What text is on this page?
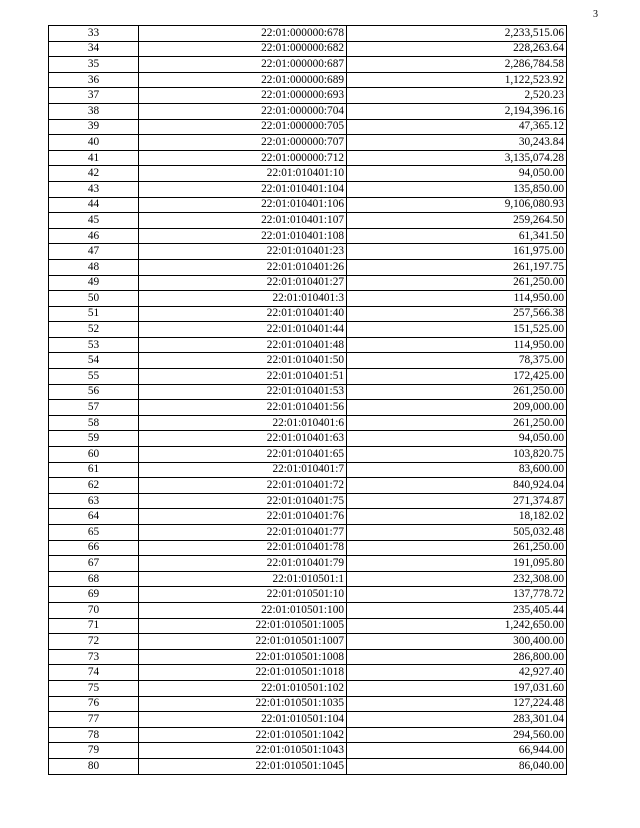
3
33	22:01:000000:678	2,233,515.06
34	22:01:000000:682	228,263.64
35	22:01:000000:687	2,286,784.58
36	22:01:000000:689	1,122,523.92
37	22:01:000000:693	2,520.23
38	22:01:000000:704	2,194,396.16
39	22:01:000000:705	47,365.12
40	22:01:000000:707	30,243.84
41	22:01:000000:712	3,135,074.28
42	22:01:010401:10	94,050.00
43	22:01:010401:104	135,850.00
44	22:01:010401:106	9,106,080.93
45	22:01:010401:107	259,264.50
46	22:01:010401:108	61,341.50
47	22:01:010401:23	161,975.00
48	22:01:010401:26	261,197.75
49	22:01:010401:27	261,250.00
50	22:01:010401:3	114,950.00
51	22:01:010401:40	257,566.38
52	22:01:010401:44	151,525.00
53	22:01:010401:48	114,950.00
54	22:01:010401:50	78,375.00
55	22:01:010401:51	172,425.00
56	22:01:010401:53	261,250.00
57	22:01:010401:56	209,000.00
58	22:01:010401:6	261,250.00
59	22:01:010401:63	94,050.00
60	22:01:010401:65	103,820.75
61	22:01:010401:7	83,600.00
62	22:01:010401:72	840,924.04
63	22:01:010401:75	271,374.87
64	22:01:010401:76	18,182.02
65	22:01:010401:77	505,032.48
66	22:01:010401:78	261,250.00
67	22:01:010401:79	191,095.80
68	22:01:010501:1	232,308.00
69	22:01:010501:10	137,778.72
70	22:01:010501:100	235,405.44
71	22:01:010501:1005	1,242,650.00
72	22:01:010501:1007	300,400.00
73	22:01:010501:1008	286,800.00
74	22:01:010501:1018	42,927.40
75	22:01:010501:102	197,031.60
76	22:01:010501:1035	127,224.48
77	22:01:010501:104	283,301.04
78	22:01:010501:1042	294,560.00
79	22:01:010501:1043	66,944.00
80	22:01:010501:1045	86,040.00
